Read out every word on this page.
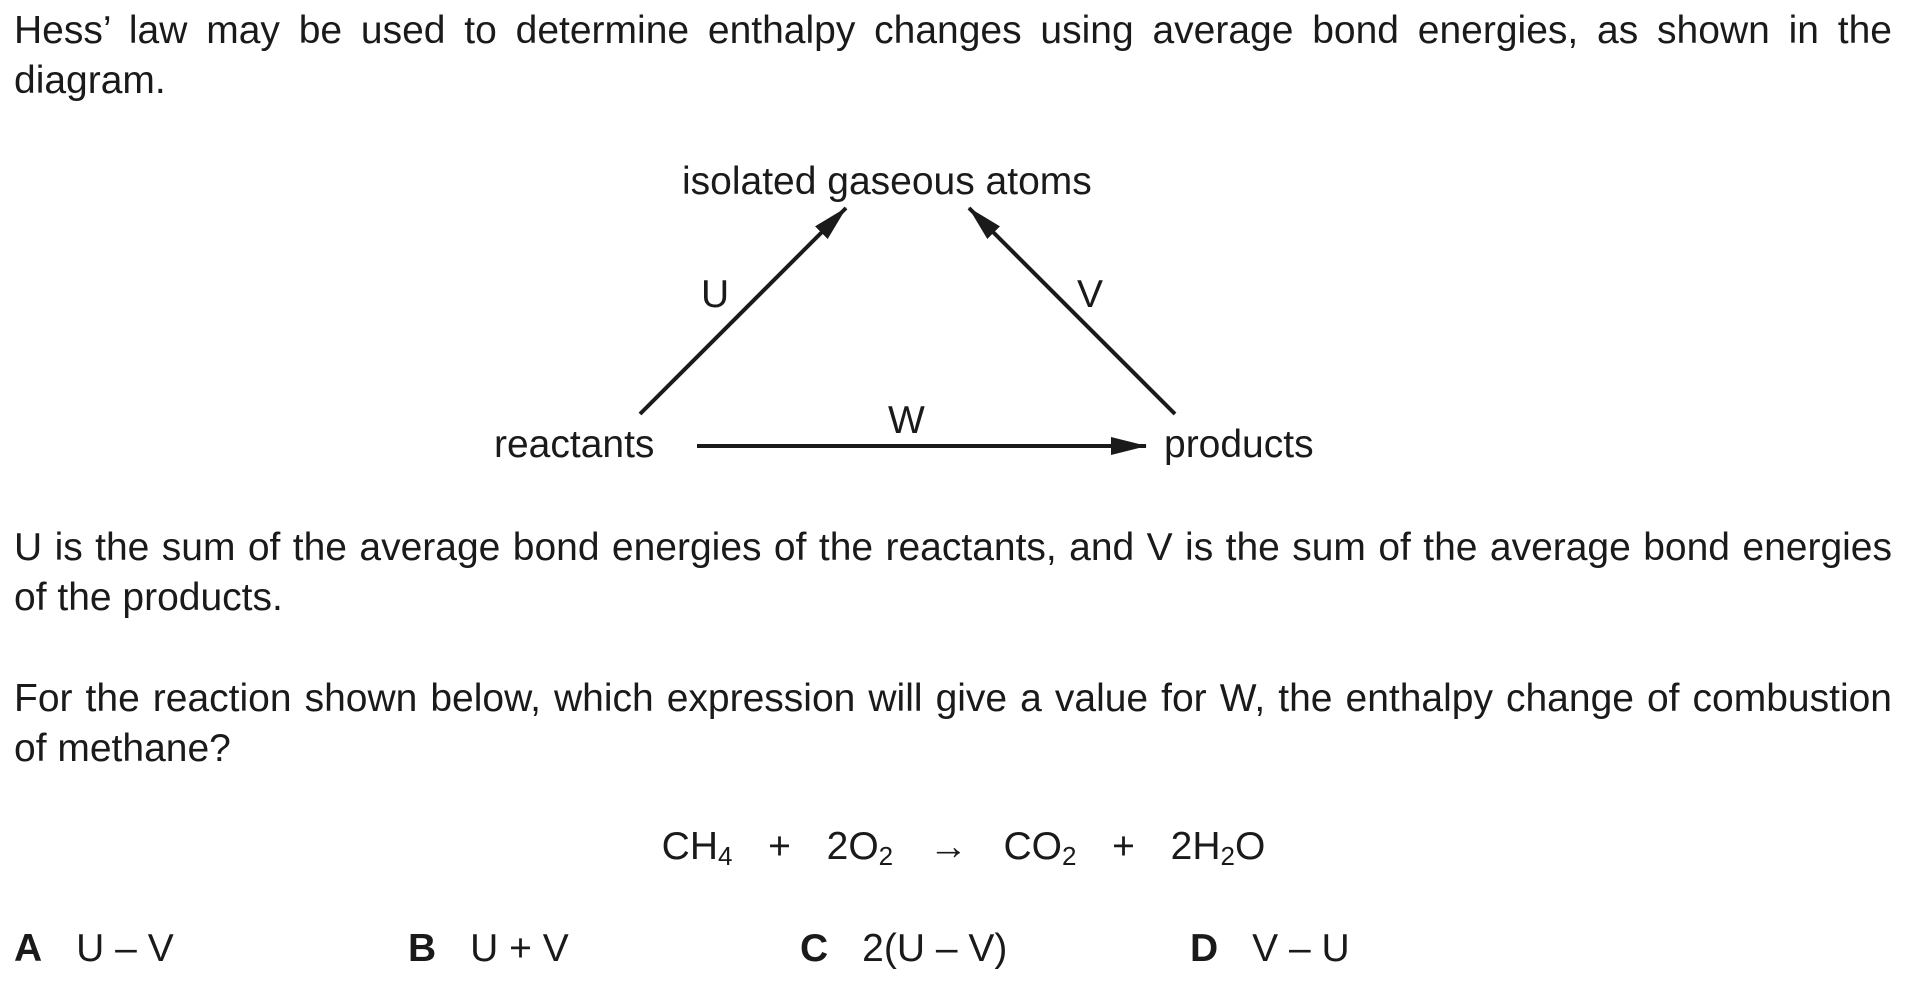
Hess’ law may be used to determine enthalpy changes using average bond energies, as shown in the diagram.

isolated gaseous atoms
reactants	products
U	V
W

U is the sum of the average bond energies of the reactants, and V is the sum of the average bond energies of the products.

For the reaction shown below, which expression will give a value for W, the enthalpy change of combustion of methane?

$CH_4 + 2O_2 \to CO_2 + 2H_2O$
A U – V	B U + V	C 2(U – V)	D V – U
